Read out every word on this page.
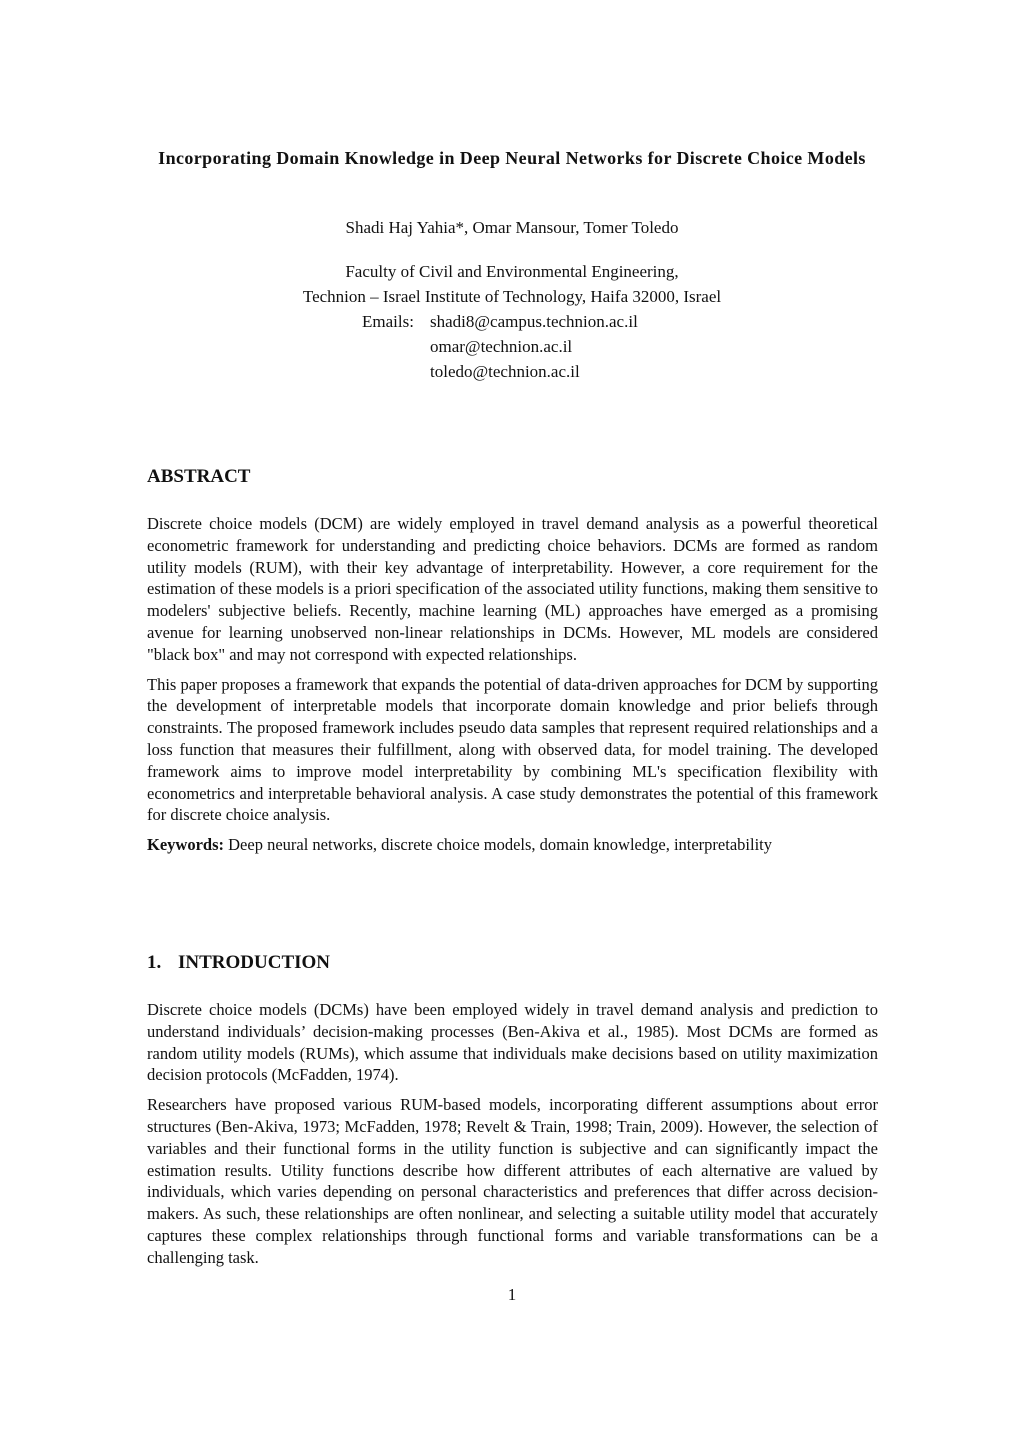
Incorporating Domain Knowledge in Deep Neural Networks for Discrete Choice Models
Shadi Haj Yahia*, Omar Mansour, Tomer Toledo
Faculty of Civil and Environmental Engineering,
Technion – Israel Institute of Technology, Haifa 32000, Israel
Emails: shadi8@campus.technion.ac.il
omar@technion.ac.il
toledo@technion.ac.il
ABSTRACT

Discrete choice models (DCM) are widely employed in travel demand analysis as a powerful theoretical econometric framework for understanding and predicting choice behaviors. DCMs are formed as random utility models (RUM), with their key advantage of interpretability. However, a core requirement for the estimation of these models is a priori specification of the associated utility functions, making them sensitive to modelers' subjective beliefs. Recently, machine learning (ML) approaches have emerged as a promising avenue for learning unobserved non-linear relationships in DCMs. However, ML models are considered "black box" and may not correspond with expected relationships.

This paper proposes a framework that expands the potential of data-driven approaches for DCM by supporting the development of interpretable models that incorporate domain knowledge and prior beliefs through constraints. The proposed framework includes pseudo data samples that represent required relationships and a loss function that measures their fulfillment, along with observed data, for model training. The developed framework aims to improve model interpretability by combining ML's specification flexibility with econometrics and interpretable behavioral analysis. A case study demonstrates the potential of this framework for discrete choice analysis.

Keywords: Deep neural networks, discrete choice models, domain knowledge, interpretability

1. INTRODUCTION

Discrete choice models (DCMs) have been employed widely in travel demand analysis and prediction to understand individuals’ decision-making processes (Ben-Akiva et al., 1985). Most DCMs are formed as random utility models (RUMs), which assume that individuals make decisions based on utility maximization decision protocols (McFadden, 1974).

Researchers have proposed various RUM-based models, incorporating different assumptions about error structures (Ben-Akiva, 1973; McFadden, 1978; Revelt & Train, 1998; Train, 2009). However, the selection of variables and their functional forms in the utility function is subjective and can significantly impact the estimation results. Utility functions describe how different attributes of each alternative are valued by individuals, which varies depending on personal characteristics and preferences that differ across decision-makers. As such, these relationships are often nonlinear, and selecting a suitable utility model that accurately captures these complex relationships through functional forms and variable transformations can be a challenging task.

1
